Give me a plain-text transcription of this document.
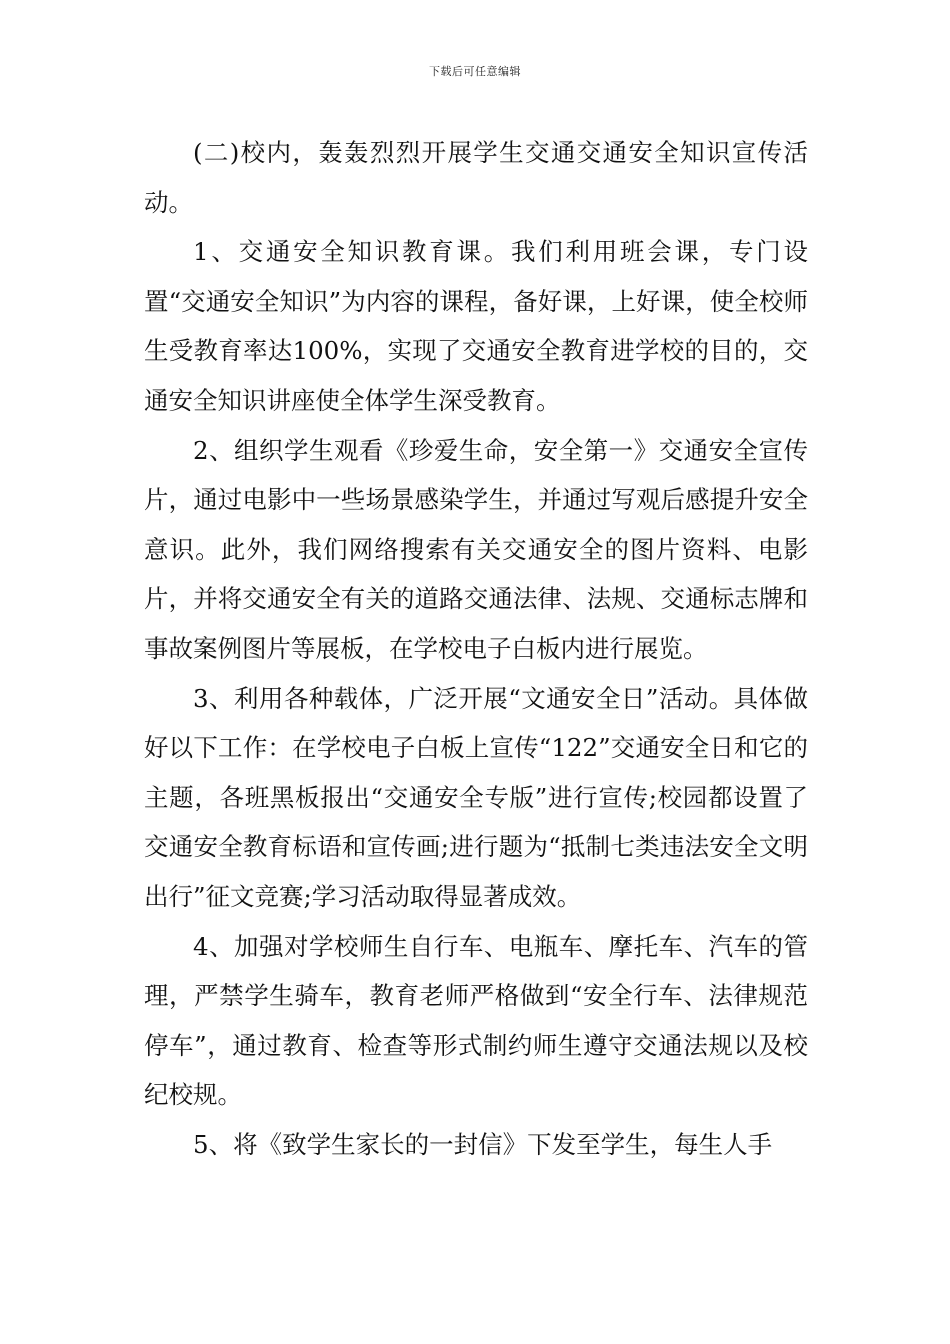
下载后可任意编辑

(二)校内，轰轰烈烈开展学生交通交通安全知识宣传活动。

1、交通安全知识教育课。我们利用班会课，专门设置“交通安全知识”为内容的课程，备好课，上好课，使全校师生受教育率达100%，实现了交通安全教育进学校的目的，交通安全知识讲座使全体学生深受教育。

2、组织学生观看《珍爱生命，安全第一》交通安全宣传片，通过电影中一些场景感染学生，并通过写观后感提升安全意识。此外，我们网络搜索有关交通安全的图片资料、电影片，并将交通安全有关的道路交通法律、法规、交通标志牌和事故案例图片等展板，在学校电子白板内进行展览。

3、利用各种载体，广泛开展“文通安全日”活动。具体做好以下工作：在学校电子白板上宣传“122”交通安全日和它的主题，各班黑板报出“交通安全专版”进行宣传;校园都设置了交通安全教育标语和宣传画;进行题为“抵制七类违法安全文明出行”征文竞赛;学习活动取得显著成效。

4、加强对学校师生自行车、电瓶车、摩托车、汽车的管理，严禁学生骑车，教育老师严格做到“安全行车、法律规范停车”，通过教育、检查等形式制约师生遵守交通法规以及校纪校规。

5、将《致学生家长的一封信》下发至学生，每生人手
